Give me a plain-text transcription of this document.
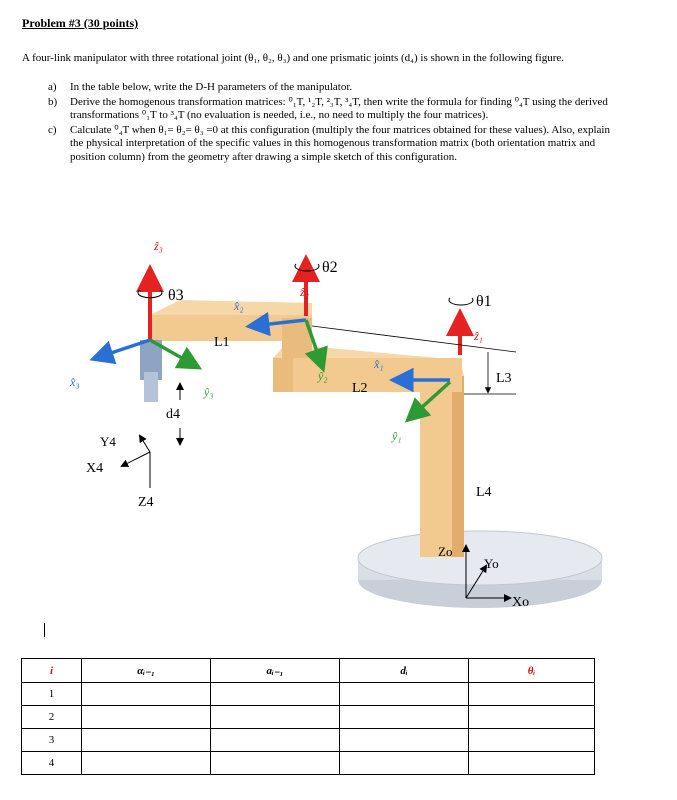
Problem #3 (30 points)
A four-link manipulator with three rotational joint (θ₁, θ₂, θ₃) and one prismatic joints (d₄) is shown in the following figure.
a) In the table below, write the D-H parameters of the manipulator.
b) Derive the homogenous transformation matrices: ⁰₁T, ¹₂T, ²₃T, ³₄T, then write the formula for finding ⁰₄T using the derived transformations ⁰₁T to ³₄T (no evaluation is needed, i.e., no need to multiply the four matrices).
c) Calculate ⁰₄T when θ₁= θ₂= θ₃ =0 at this configuration (multiply the four matrices obtained for these values). Also, explain the physical interpretation of the specific values in this homogenous transformation matrix (both orientation matrix and position column) from the geometry after drawing a simple sketch of this configuration.
θ3
θ2
θ1
L1
L2
L3
L4
d4
Y4
X4
Z4
Zo
Yo
Xo
ẑ₃
ẑ₂
ẑ₁
x̂₂
x̂₁
x̂₃
ŷ₃
ŷ₂
ŷ₁
i	αᵢ₋₁	aᵢ₋₁	dᵢ	θᵢ
1				
2				
3				
4				
